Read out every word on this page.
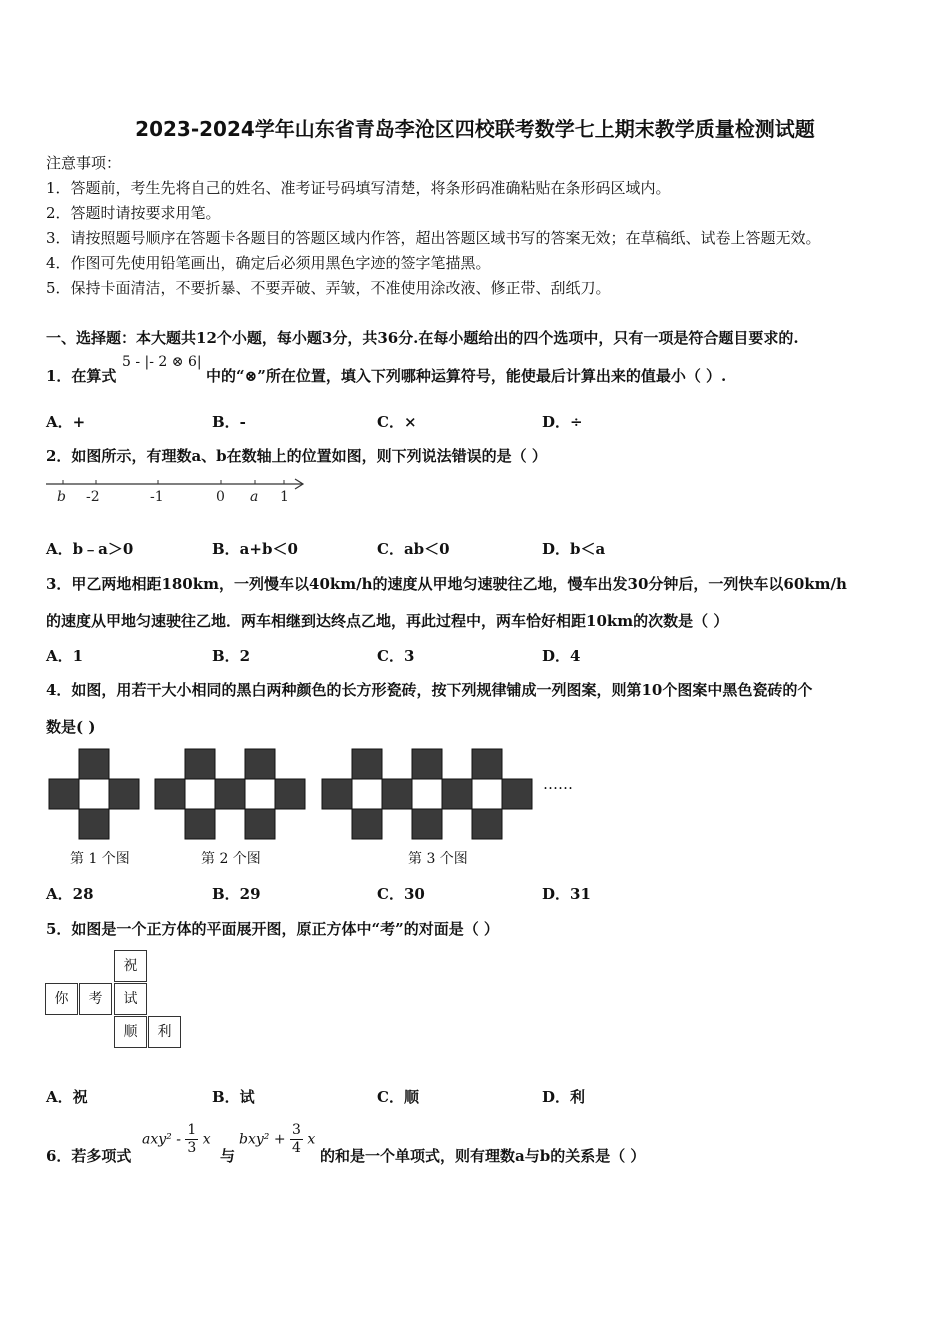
2023-2024学年山东省青岛李沧区四校联考数学七上期末教学质量检测试题
注意事项：
1．答题前，考生先将自己的姓名、准考证号码填写清楚，将条形码准确粘贴在条形码区域内。
2．答题时请按要求用笔。
3．请按照题号顺序在答题卡各题目的答题区域内作答，超出答题区域书写的答案无效；在草稿纸、试卷上答题无效。
4．作图可先使用铅笔画出，确定后必须用黑色字迹的签字笔描黑。
5．保持卡面清洁，不要折暴、不要弄破、弄皱，不准使用涂改液、修正带、刮纸刀。
一、选择题：本大题共12个小题，每小题3分，共36分.在每小题给出的四个选项中，只有一项是符合题目要求的.
1．在算式
5 - |- 2 ⊗ 6|
中的“⊗”所在位置，填入下列哪种运算符号，能使最后计算出来的值最小（ ）.
A．+	B．-	C．×	D．÷
2．如图所示，有理数a、b在数轴上的位置如图，则下列说法错误的是（ ）
b -2	-1	0 a 1
A．b﹣a＞0	B．a+b＜0	C．ab＜0	D．b＜a
3．甲乙两地相距180km，一列慢车以40km/h的速度从甲地匀速驶往乙地，慢车出发30分钟后，一列快车以60km/h
的速度从甲地匀速驶往乙地．两车相继到达终点乙地，再此过程中，两车恰好相距10km的次数是（ ）
A．1	B．2	C．3	D．4
4．如图，用若干大小相同的黑白两种颜色的长方形瓷砖，按下列规律铺成一列图案，则第10个图案中黑色瓷砖的个
数是( )
……
第 1 个图	第 2 个图	第 3 个图
A．28	B．29	C．30	D．31
5．如图是一个正方体的平面展开图，原正方体中“考”的对面是（ ）
祝
你	考	试
顺	利
A．祝	B．试	C．顺	D．利
6．若多项式
$axy^2 - \frac{1}{3}$ x
与
$bxy^2 + \frac{3}{4}$ x
的和是一个单项式，则有理数a与b的关系是（ ）
